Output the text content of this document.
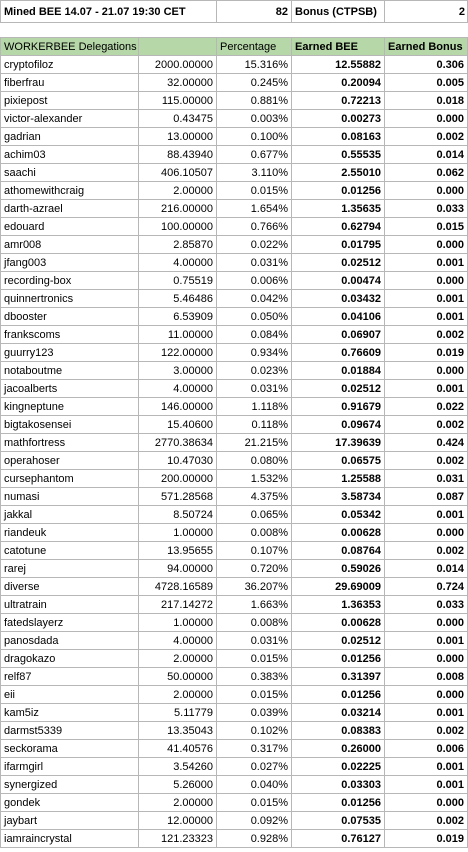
Mined BEE 14.07 - 21.07 19:30 CET	82	Bonus (CTPSB)	2
WORKERBEE Delegations		Percentage	Earned BEE	Earned Bonus
cryptofiloz	2000.00000	15.316%	12.55882	0.306
fiberfrau	32.00000	0.245%	0.20094	0.005
pixiepost	115.00000	0.881%	0.72213	0.018
victor-alexander	0.43475	0.003%	0.00273	0.000
gadrian	13.00000	0.100%	0.08163	0.002
achim03	88.43940	0.677%	0.55535	0.014
saachi	406.10507	3.110%	2.55010	0.062
athomewithcraig	2.00000	0.015%	0.01256	0.000
darth-azrael	216.00000	1.654%	1.35635	0.033
edouard	100.00000	0.766%	0.62794	0.015
amr008	2.85870	0.022%	0.01795	0.000
jfang003	4.00000	0.031%	0.02512	0.001
recording-box	0.75519	0.006%	0.00474	0.000
quinnertronics	5.46486	0.042%	0.03432	0.001
dbooster	6.53909	0.050%	0.04106	0.001
frankscoms	11.00000	0.084%	0.06907	0.002
guurry123	122.00000	0.934%	0.76609	0.019
notaboutme	3.00000	0.023%	0.01884	0.000
jacoalberts	4.00000	0.031%	0.02512	0.001
kingneptune	146.00000	1.118%	0.91679	0.022
bigtakosensei	15.40600	0.118%	0.09674	0.002
mathfortress	2770.38634	21.215%	17.39639	0.424
operahoser	10.47030	0.080%	0.06575	0.002
cursephantom	200.00000	1.532%	1.25588	0.031
numasi	571.28568	4.375%	3.58734	0.087
jakkal	8.50724	0.065%	0.05342	0.001
riandeuk	1.00000	0.008%	0.00628	0.000
catotune	13.95655	0.107%	0.08764	0.002
rarej	94.00000	0.720%	0.59026	0.014
diverse	4728.16589	36.207%	29.69009	0.724
ultratrain	217.14272	1.663%	1.36353	0.033
fatedslayerz	1.00000	0.008%	0.00628	0.000
panosdada	4.00000	0.031%	0.02512	0.001
dragokazo	2.00000	0.015%	0.01256	0.000
relf87	50.00000	0.383%	0.31397	0.008
eii	2.00000	0.015%	0.01256	0.000
kam5iz	5.11779	0.039%	0.03214	0.001
darmst5339	13.35043	0.102%	0.08383	0.002
seckorama	41.40576	0.317%	0.26000	0.006
ifarmgirl	3.54260	0.027%	0.02225	0.001
synergized	5.26000	0.040%	0.03303	0.001
gondek	2.00000	0.015%	0.01256	0.000
jaybart	12.00000	0.092%	0.07535	0.002
iamraincrystal	121.23323	0.928%	0.76127	0.019
